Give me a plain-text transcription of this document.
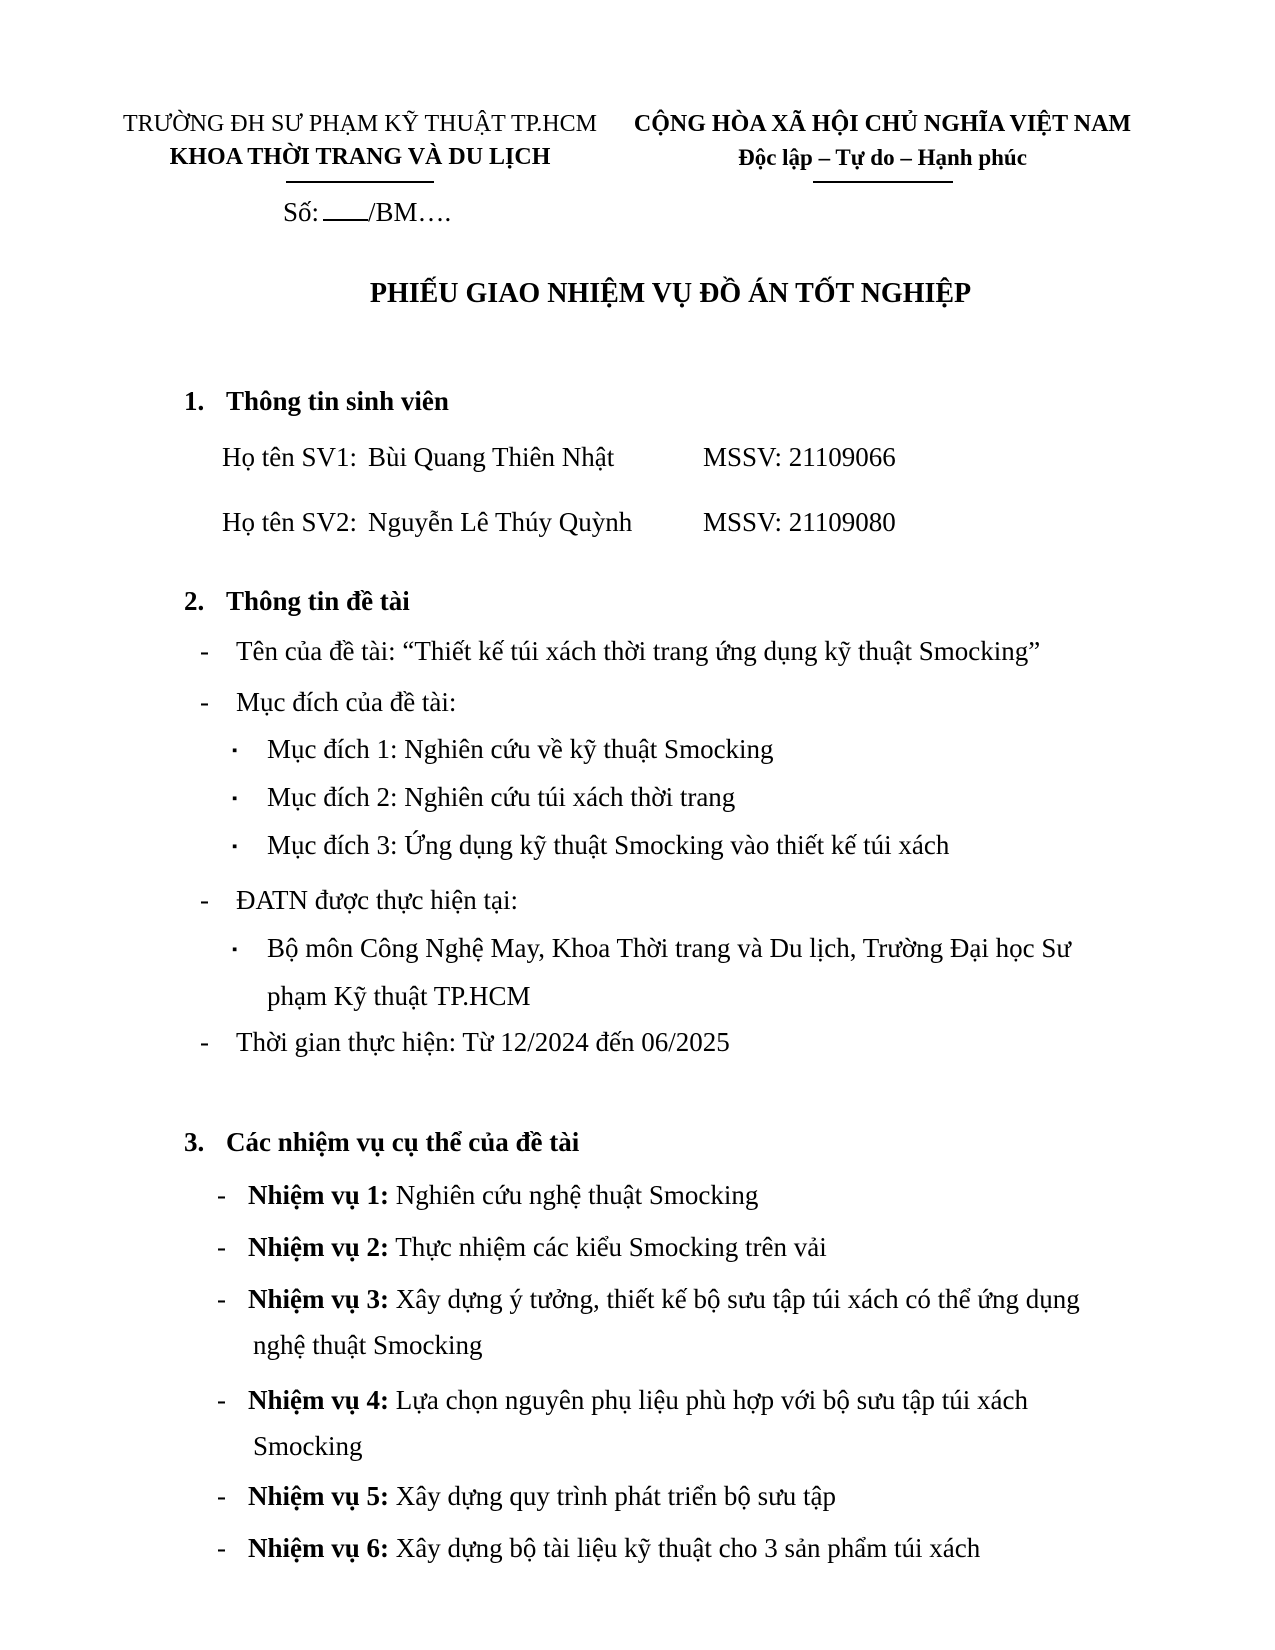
TRƯỜNG ĐH SƯ PHẠM KỸ THUẬT TP.HCM
KHOA THỜI TRANG VÀ DU LỊCH
CỘNG HÒA XÃ HỘI CHỦ NGHĨA VIỆT NAM
Độc lập – Tự do – Hạnh phúc
Số: /BM….
PHIẾU GIAO NHIỆM VỤ ĐỒ ÁN TỐT NGHIỆP
1. Thông tin sinh viên
Họ tên SV1: Bùi Quang Thiên Nhật	MSSV: 21109066
Họ tên SV2: Nguyễn Lê Thúy Quỳnh	MSSV: 21109080
2. Thông tin đề tài
- Tên của đề tài: “Thiết kế túi xách thời trang ứng dụng kỹ thuật Smocking”
- Mục đích của đề tài:
▪ Mục đích 1: Nghiên cứu về kỹ thuật Smocking
▪ Mục đích 2: Nghiên cứu túi xách thời trang
▪ Mục đích 3: Ứng dụng kỹ thuật Smocking vào thiết kế túi xách
- ĐATN được thực hiện tại:
▪ Bộ môn Công Nghệ May, Khoa Thời trang và Du lịch, Trường Đại học Sư phạm Kỹ thuật TP.HCM
- Thời gian thực hiện: Từ 12/2024 đến 06/2025
3. Các nhiệm vụ cụ thể của đề tài
- Nhiệm vụ 1: Nghiên cứu nghệ thuật Smocking
- Nhiệm vụ 2: Thực nhiệm các kiểu Smocking trên vải
- Nhiệm vụ 3: Xây dựng ý tưởng, thiết kế bộ sưu tập túi xách có thể ứng dụng nghệ thuật Smocking
- Nhiệm vụ 4: Lựa chọn nguyên phụ liệu phù hợp với bộ sưu tập túi xách Smocking
- Nhiệm vụ 5: Xây dựng quy trình phát triển bộ sưu tập
- Nhiệm vụ 6: Xây dựng bộ tài liệu kỹ thuật cho 3 sản phẩm túi xách
